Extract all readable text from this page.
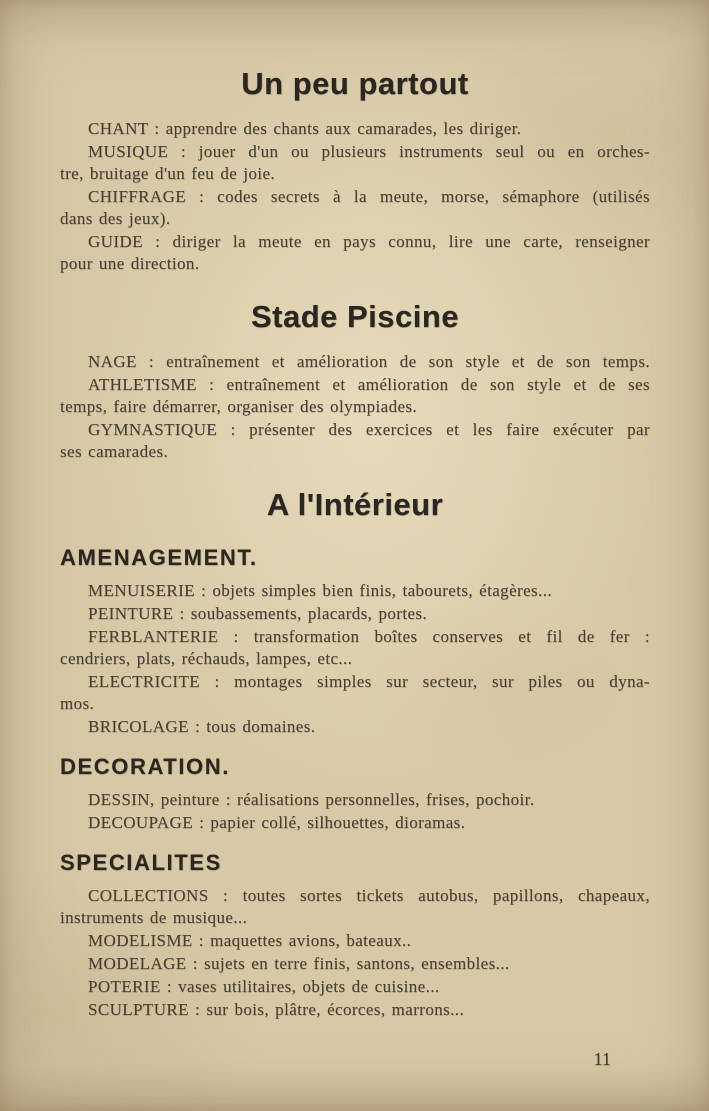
Un peu partout
CHANT : apprendre des chants aux camarades, les diriger.
MUSIQUE : jouer d'un ou plusieurs instruments seul ou en orches-
tre, bruitage d'un feu de joie.
CHIFFRAGE : codes secrets à la meute, morse, sémaphore (utilisés
dans des jeux).
GUIDE : diriger la meute en pays connu, lire une carte, renseigner
pour une direction.
Stade Piscine
NAGE : entraînement et amélioration de son style et de son temps.
ATHLETISME : entraînement et amélioration de son style et de ses
temps, faire démarrer, organiser des olympiades.
GYMNASTIQUE : présenter des exercices et les faire exécuter par
ses camarades.
A l'Intérieur
AMENAGEMENT.
MENUISERIE : objets simples bien finis, tabourets, étagères...
PEINTURE : soubassements, placards, portes.
FERBLANTERIE : transformation boîtes conserves et fil de fer :
cendriers, plats, réchauds, lampes, etc...
ELECTRICITE : montages simples sur secteur, sur piles ou dyna-
mos.
BRICOLAGE : tous domaines.
DECORATION.
DESSIN, peinture : réalisations personnelles, frises, pochoir.
DECOUPAGE : papier collé, silhouettes, dioramas.
SPECIALITES
COLLECTIONS : toutes sortes tickets autobus, papillons, chapeaux,
instruments de musique...
MODELISME : maquettes avions, bateaux..
MODELAGE : sujets en terre finis, santons, ensembles...
POTERIE : vases utilitaires, objets de cuisine...
SCULPTURE : sur bois, plâtre, écorces, marrons...
11
